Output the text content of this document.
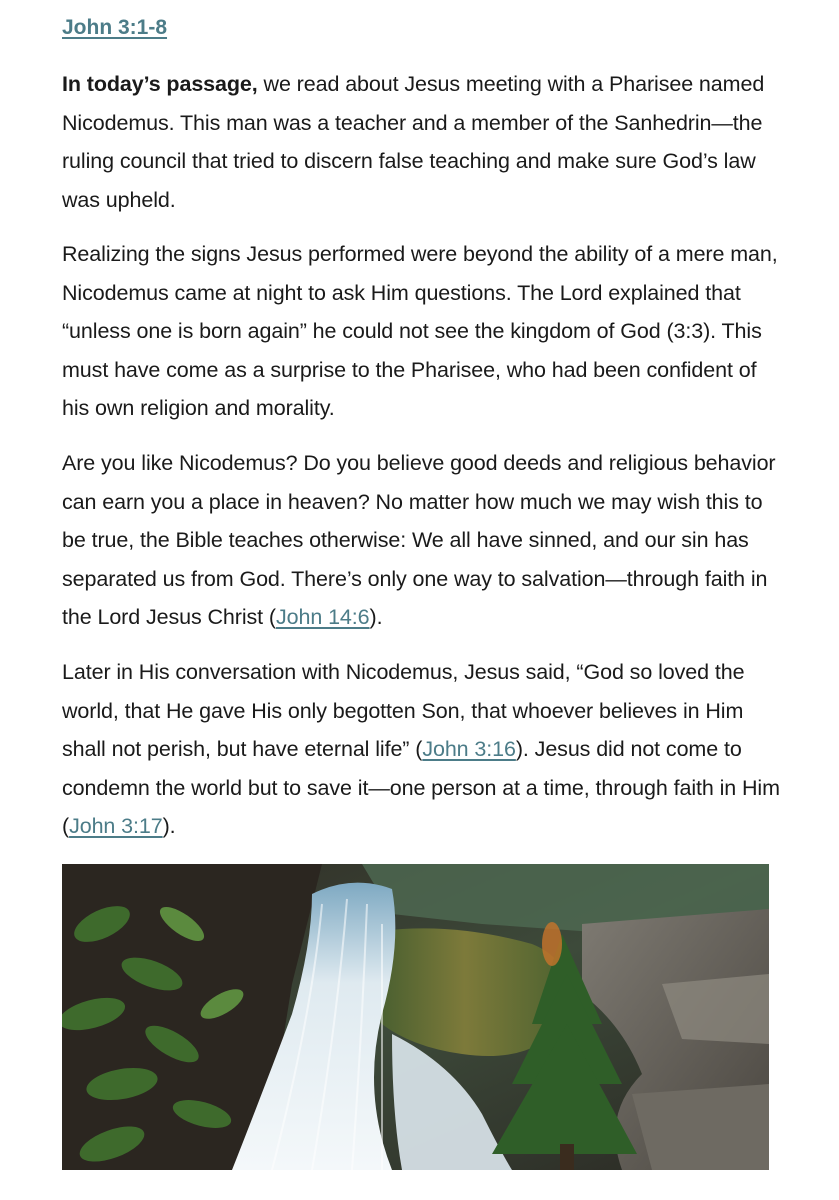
John 3:1-8

In today’s passage, we read about Jesus meeting with a Pharisee named Nicodemus. This man was a teacher and a member of the Sanhedrin—the ruling council that tried to discern false teaching and make sure God’s law was upheld.

Realizing the signs Jesus performed were beyond the ability of a mere man, Nicodemus came at night to ask Him questions. The Lord explained that “unless one is born again” he could not see the kingdom of God (3:3). This must have come as a surprise to the Pharisee, who had been confident of his own religion and morality.

Are you like Nicodemus? Do you believe good deeds and religious behavior can earn you a place in heaven? No matter how much we may wish this to be true, the Bible teaches otherwise: We all have sinned, and our sin has separated us from God. There’s only one way to salvation—through faith in the Lord Jesus Christ (John 14:6).

Later in His conversation with Nicodemus, Jesus said, “God so loved the world, that He gave His only begotten Son, that whoever believes in Him shall not perish, but have eternal life” (John 3:16). Jesus did not come to condemn the world but to save it—one person at a time, through faith in Him (John 3:17).
